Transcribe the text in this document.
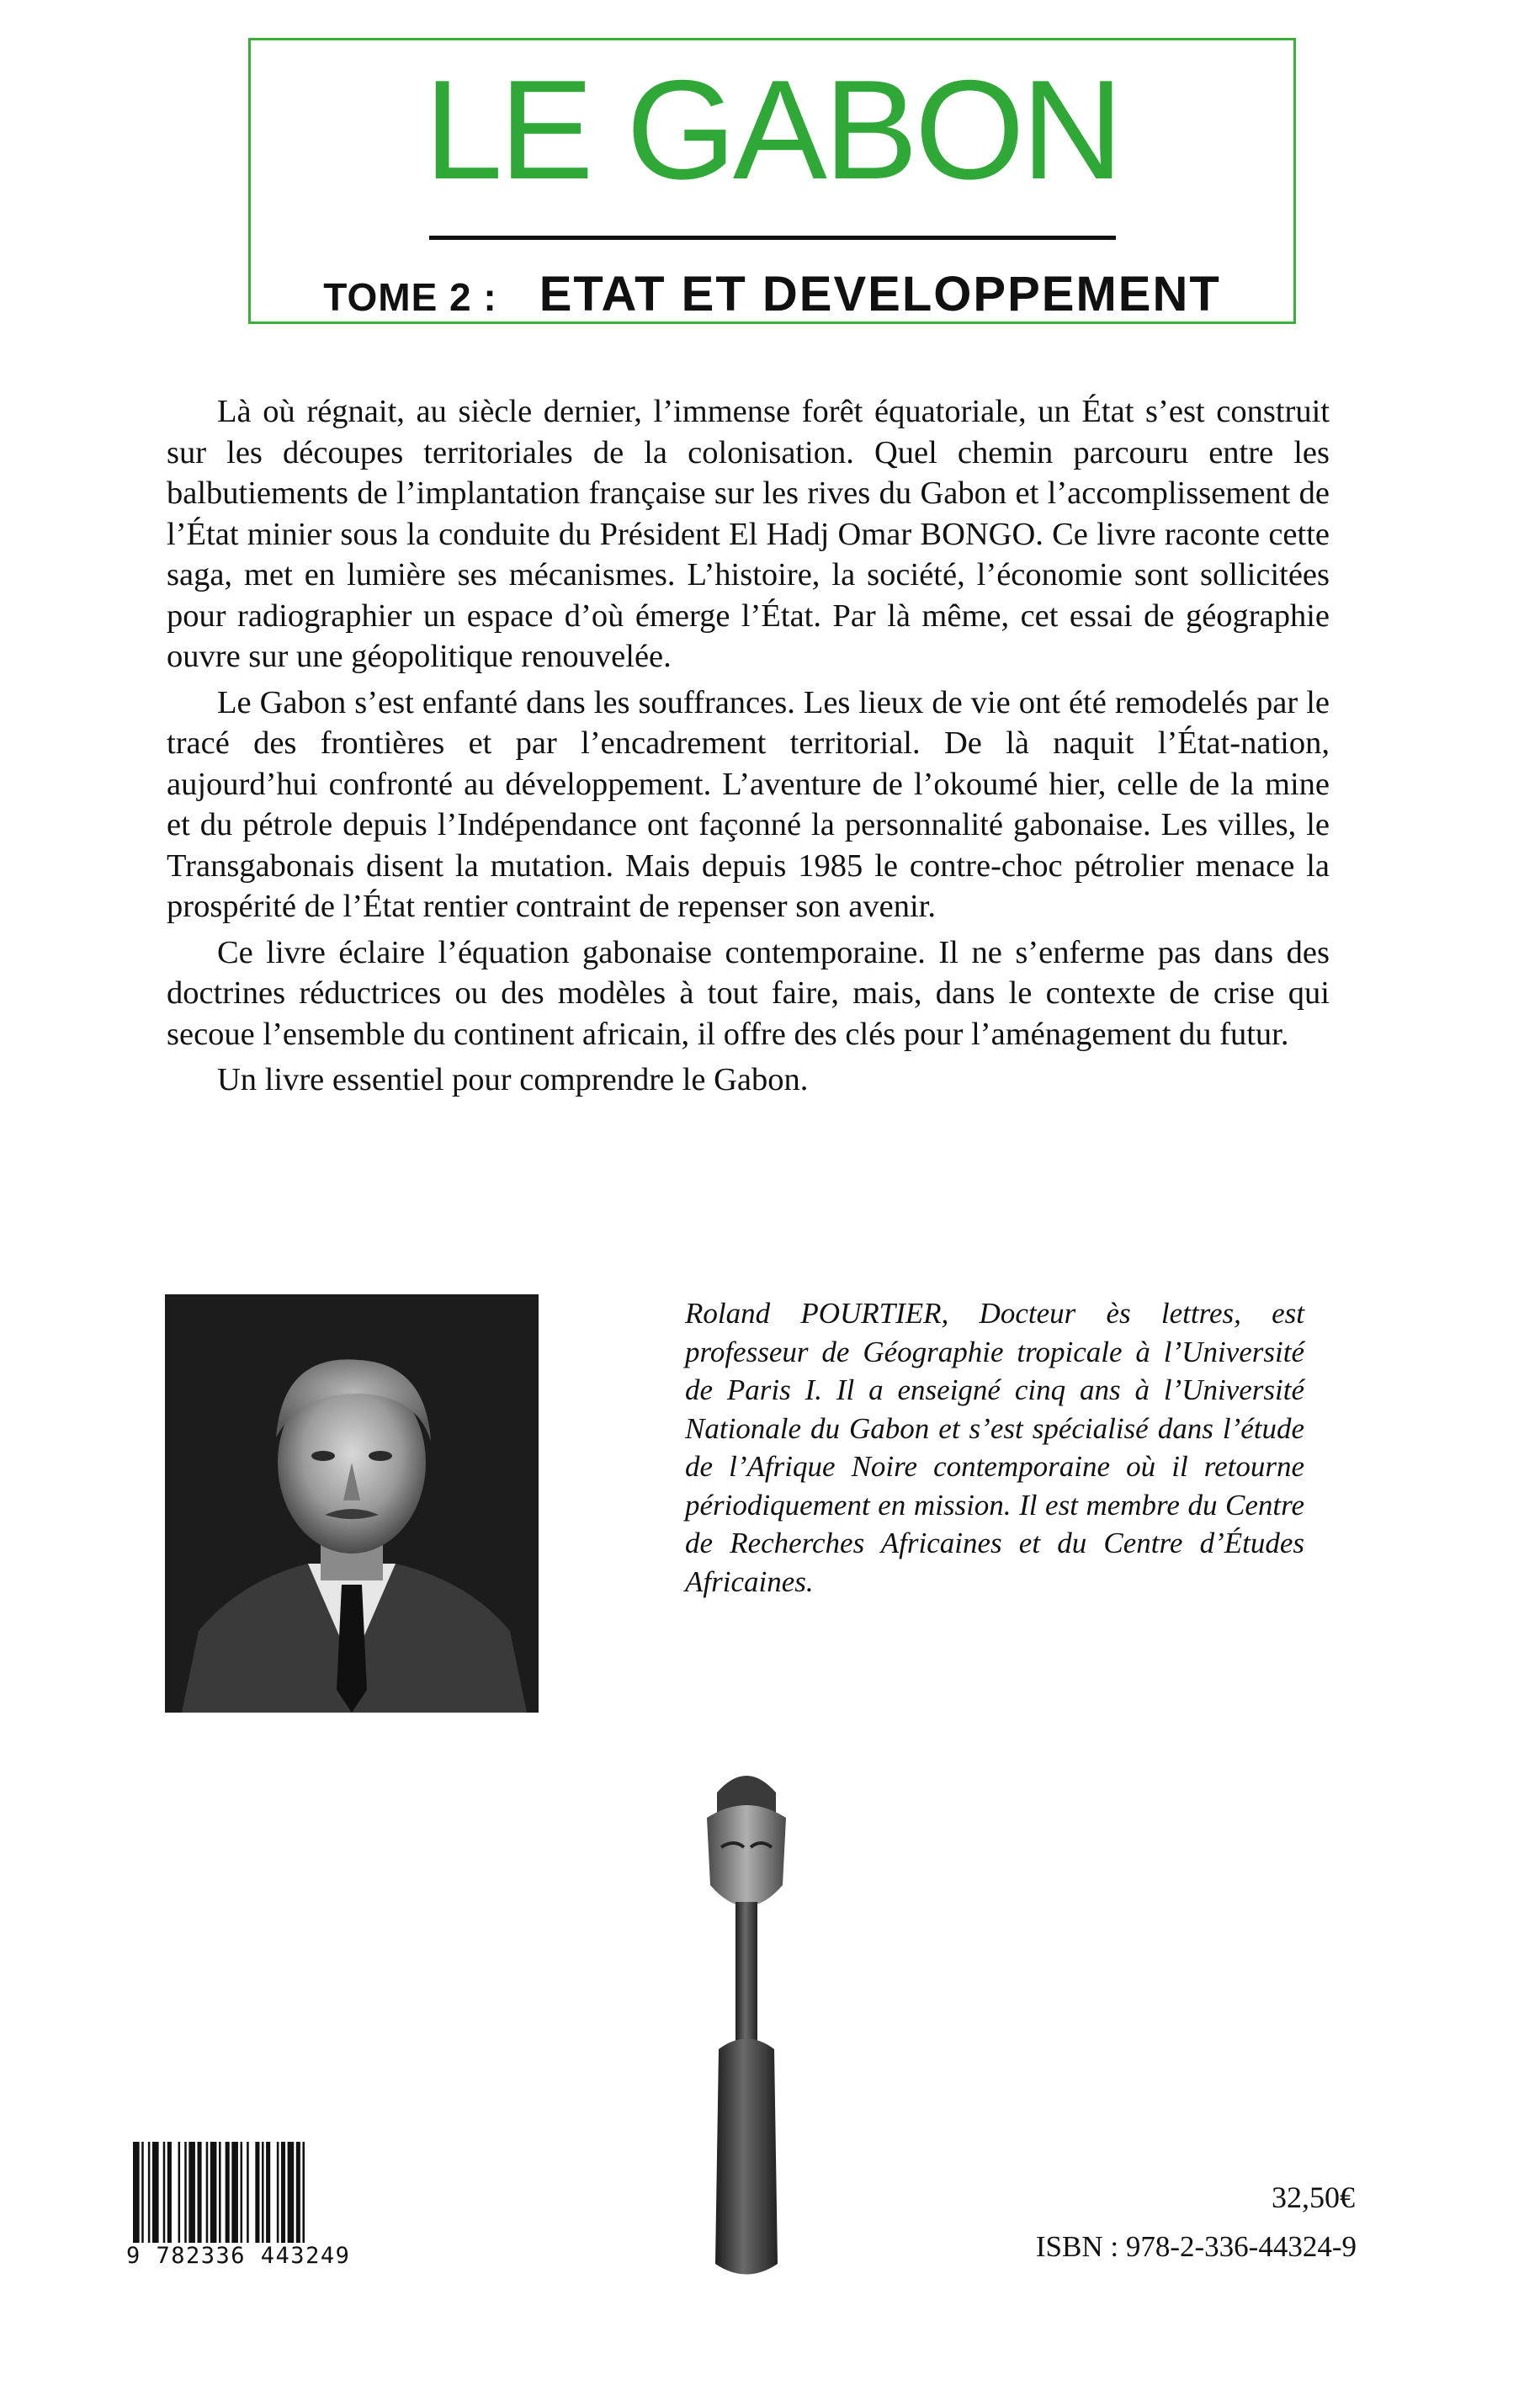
LE GABON
TOME 2 : ETAT ET DEVELOPPEMENT

Là où régnait, au siècle dernier, l’immense forêt équatoriale, un État s’est construit sur les découpes territoriales de la colonisation. Quel chemin parcouru entre les balbutiements de l’implantation française sur les rives du Gabon et l’accomplissement de l’État minier sous la conduite du Président El Hadj Omar BONGO. Ce livre raconte cette saga, met en lumière ses mécanismes. L’histoire, la société, l’économie sont sollicitées pour radiographier un espace d’où émerge l’État. Par là même, cet essai de géographie ouvre sur une géopolitique renouvelée.

Le Gabon s’est enfanté dans les souffrances. Les lieux de vie ont été remodelés par le tracé des frontières et par l’encadrement territorial. De là naquit l’État-nation, aujourd’hui confronté au développement. L’aventure de l’okoumé hier, celle de la mine et du pétrole depuis l’Indépendance ont façonné la personnalité gabonaise. Les villes, le Transgabonais disent la mutation. Mais depuis 1985 le contre-choc pétrolier menace la prospérité de l’État rentier contraint de repenser son avenir.

Ce livre éclaire l’équation gabonaise contemporaine. Il ne s’enferme pas dans des doctrines réductrices ou des modèles à tout faire, mais, dans le contexte de crise qui secoue l’ensemble du continent africain, il offre des clés pour l’aménagement du futur.

Un livre essentiel pour comprendre le Gabon.

Roland POURTIER, Docteur ès lettres, est professeur de Géographie tropicale à l’Université de Paris I. Il a enseigné cinq ans à l’Université Nationale du Gabon et s’est spécialisé dans l’étude de l’Afrique Noire contemporaine où il retourne périodiquement en mission. Il est membre du Centre de Recherches Africaines et du Centre d’Études Africaines.
9 782336 443249
32,50€
ISBN : 978-2-336-44324-9
